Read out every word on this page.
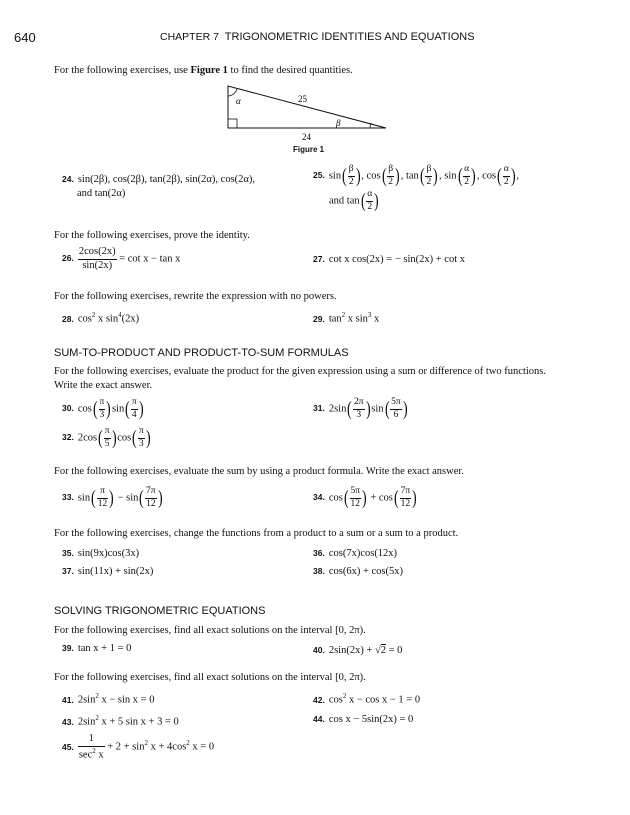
640	CHAPTER 7 TRIGONOMETRIC IDENTITIES AND EQUATIONS
For the following exercises, use Figure 1 to find the desired quantities.
α	25
β
24
Figure 1
24. sin(2β), cos(2β), tan(2β), sin(2α), cos(2α),
and tan(2α)
25. $\sin( \frac{\beta}{2}$ ), $\cos( \frac{\beta}{2}$ ), $\tan( \frac{\beta}{2}$ ), $\sin( \frac{\alpha}{2}$ ), $\cos( \frac{\alpha}{2}$ ),
and $\tan( \frac{\alpha}{2}$ )
For the following exercises, prove the identity.
26. $\frac{2\cos(2x)}{\sin(2x)} = \cot x - \tan x$	27. cot x cos(2x) = − sin(2x) + cot x
For the following exercises, rewrite the expression with no powers.
28. $\cos^2 x$ $\sin^4(2x)$	29. $\tan^2 x$ $\sin^3 x$
SUM-TO-PRODUCT AND PRODUCT-TO-SUM FORMULAS
For the following exercises, evaluate the product for the given expression using a sum or difference of two functions.
Write the exact answer.
30. $\cos( \frac{\pi}{3} )\sin( \frac{\pi}{4}$ )	31. $2\sin( \frac{2\pi}{3} )\sin( \frac{5\pi}{6}$ )
32. $2\cos( \frac{\pi}{5} )\cos( \frac{\pi}{3}$ )
For the following exercises, evaluate the sum by using a product formula. Write the exact answer.
33. $\sin( \frac{\pi}{12}$ ) − $\sin( \frac{7\pi}{12}$ )	34. $\cos( \frac{5\pi}{12}$ ) + $\cos( \frac{7\pi}{12}$ )
For the following exercises, change the functions from a product to a sum or a sum to a product.
35. sin(9x)cos(3x)	36. cos(7x)cos(12x)
37. sin(11x) + sin(2x)	38. cos(6x) + cos(5x)
SOLVING TRIGONOMETRIC EQUATIONS
For the following exercises, find all exact solutions on the interval [0, 2π).
39. tan x + 1 = 0	40. 2sin(2x) + √2 = 0
For the following exercises, find all exact solutions on the interval [0, 2π).
41. $2\sin^2$ x − sin x = 0	42. $\cos^2 x - \cos x - 1 = 0$
43. $2\sin^2$ x + 5 sin x + 3 = 0	44. cos x − 5sin(2x) = 0
45. $\frac{1}{\sec^2 x} + 2 + \sin^2 x + 4\cos^2$ x = 0
